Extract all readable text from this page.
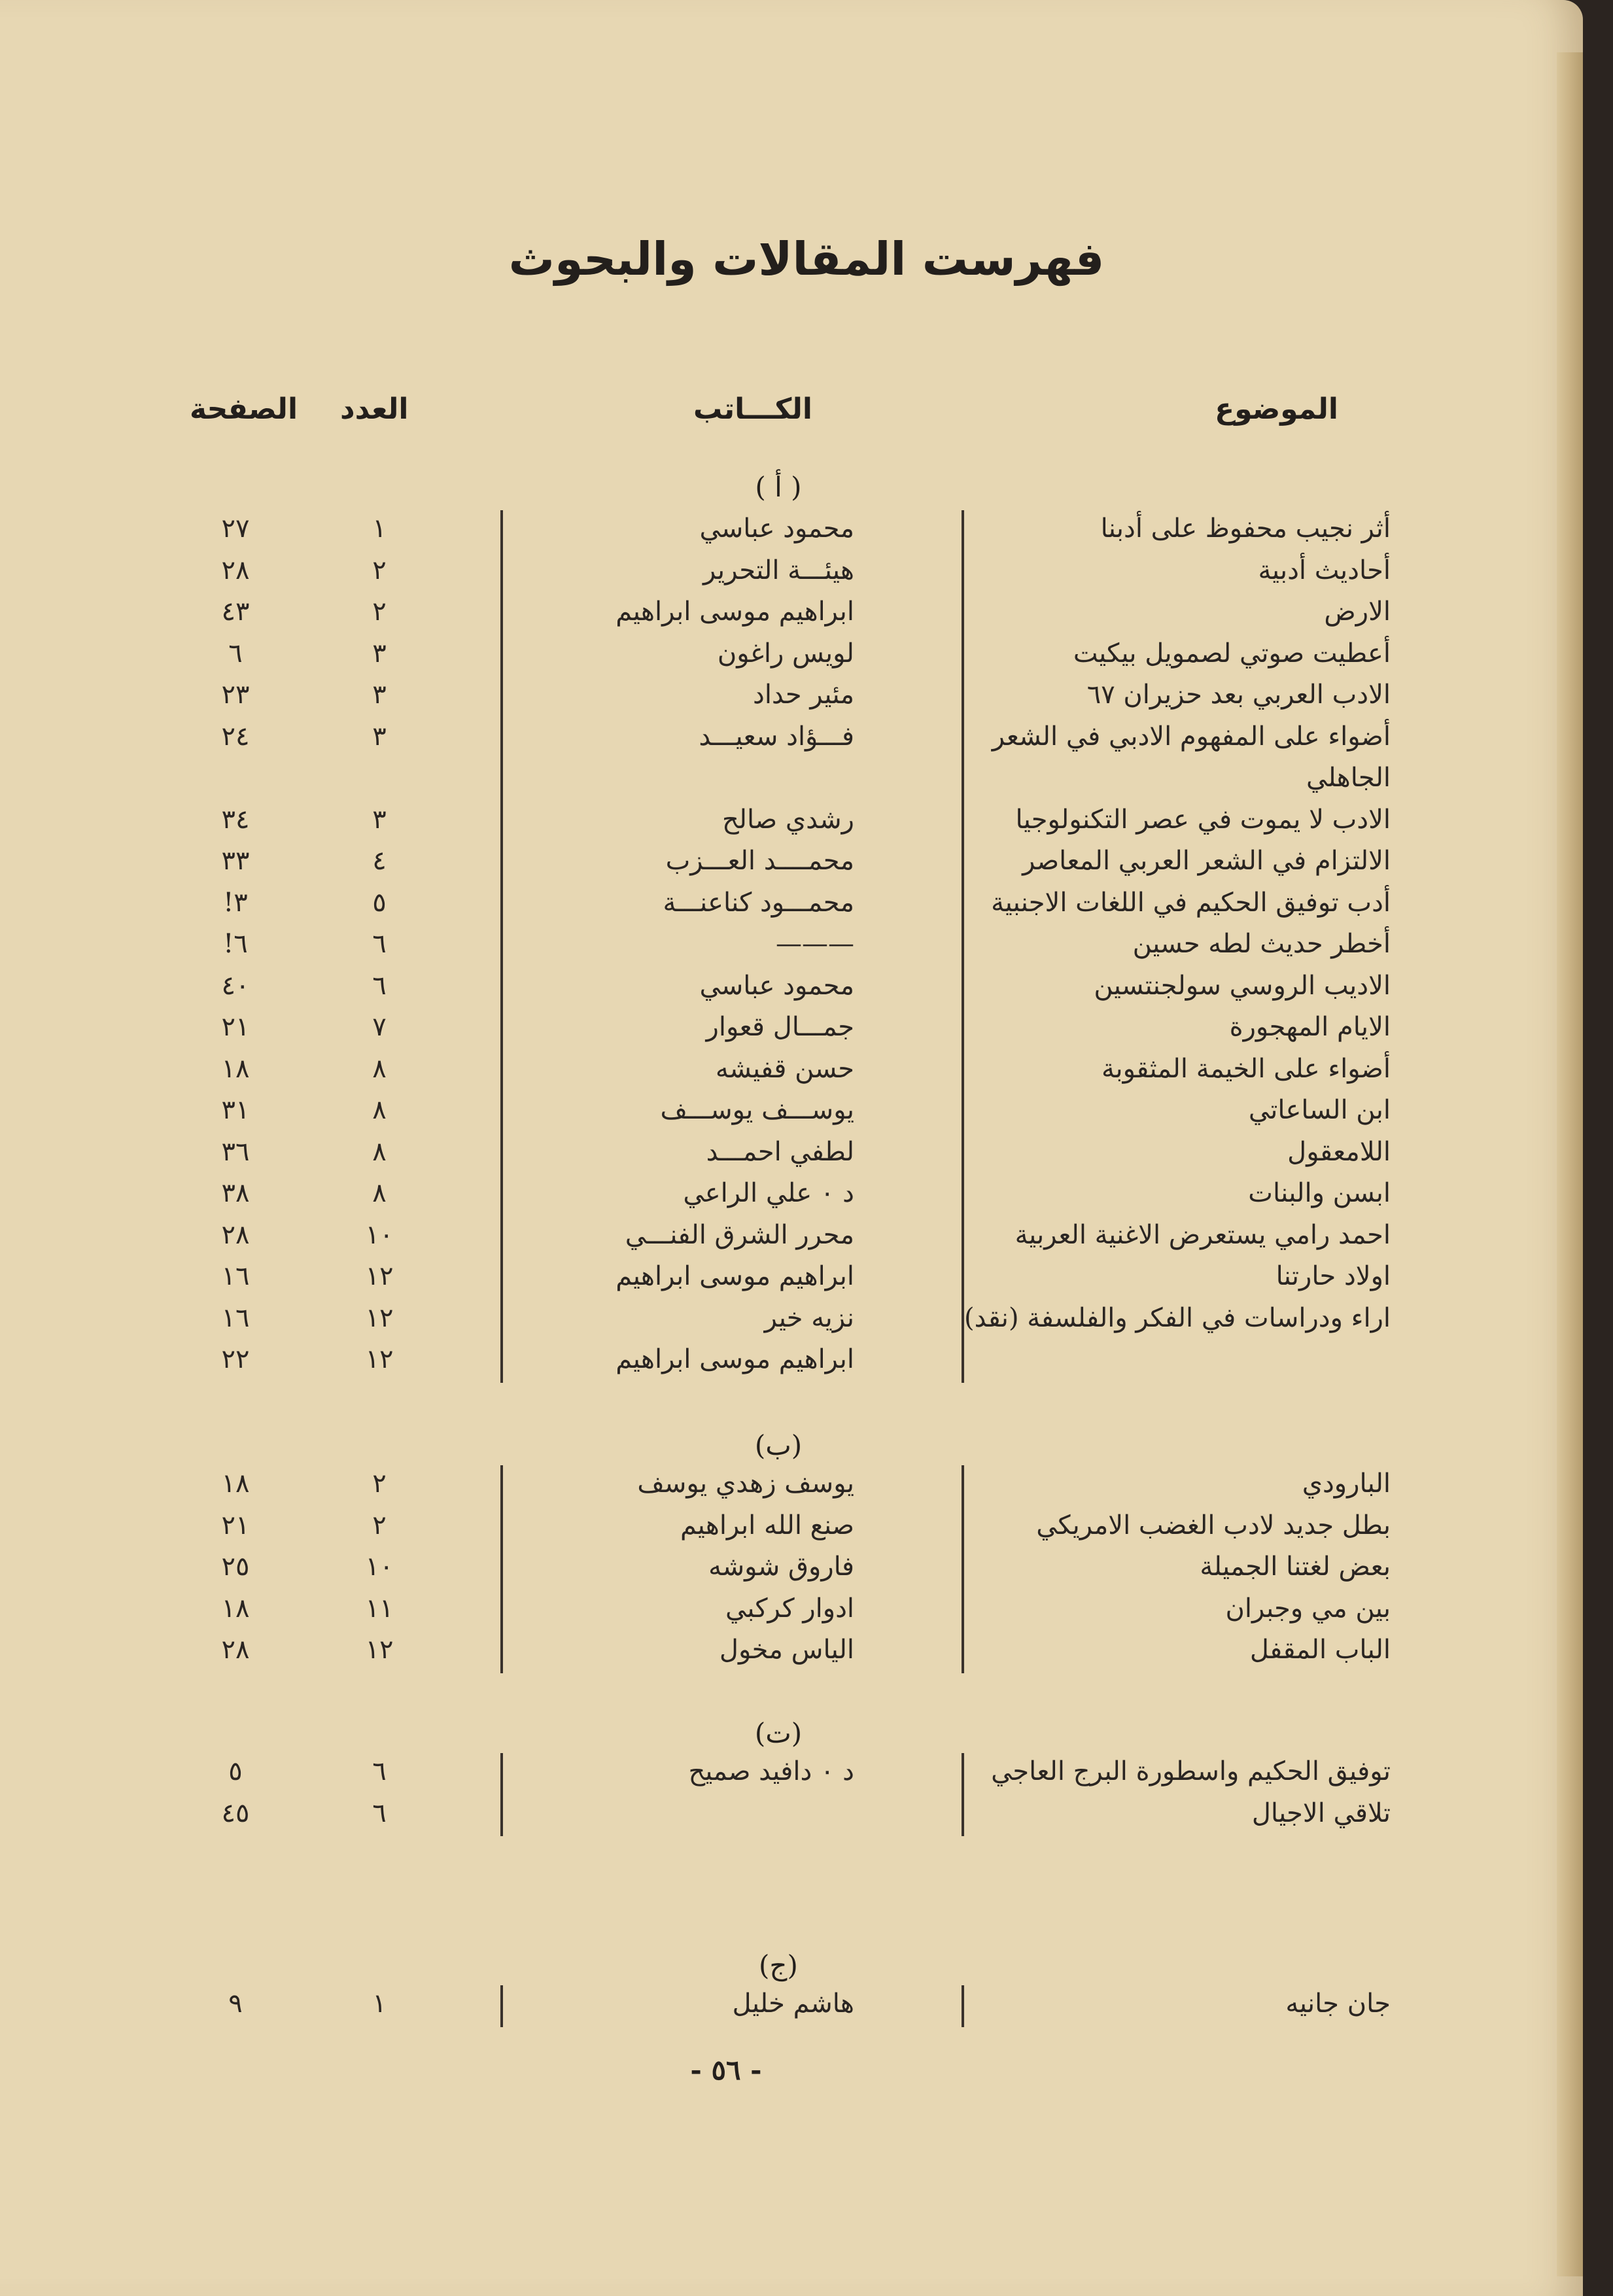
فهرست المقالات والبحوث
الموضوع
الكـــاتب
العدد
الصفحة
( أ )
أثر نجيب محفوظ على أدبنا
محمود عباسي
١
٢٧
أحاديث أدبية
هيئـــة التحرير
٢
٢٨
الارض
ابراهيم موسى ابراهيم
٢
٤٣
أعطيت صوتي لصمويل بيكيت
لويس راغون
٣
٦
الادب العربي بعد حزيران ٦٧
مئير حداد
٣
٢٣
أضواء على المفهوم الادبي في الشعر
فـــؤاد سعيـــد
٣
٢٤
الجاهلي
الادب لا يموت في عصر التكنولوجيا
رشدي صالح
٣
٣٤
الالتزام في الشعر العربي المعاصر
محمــــد العـــزب
٤
٣٣
أدب توفيق الحكيم في اللغات الاجنبية
محمـــود كناعنـــة
٥
!٣
أخطر حديث لطه حسين
———
٦
!٦
الاديب الروسي سولجنتسين
محمود عباسي
٦
٤٠
الايام المهجورة
جمـــال قعوار
٧
٢١
أضواء على الخيمة المثقوبة
حسن قفيشه
٨
١٨
ابن الساعاتي
يوســـف يوســـف
٨
٣١
اللامعقول
لطفي احمـــد
٨
٣٦
ابسن والبنات
د ٠ علي الراعي
٨
٣٨
احمد رامي يستعرض الاغنية العربية
محرر الشرق الفنـــي
١٠
٢٨
اولاد حارتنا
ابراهيم موسى ابراهيم
١٢
١٦
اراء ودراسات في الفكر والفلسفة (نقد)
نزيه خير
١٢
١٦
ابراهيم موسى ابراهيم
١٢
٢٢
(ب)
البارودي
يوسف زهدي يوسف
٢
١٨
بطل جديد لادب الغضب الامريكي
صنع الله ابراهيم
٢
٢١
بعض لغتنا الجميلة
فاروق شوشه
١٠
٢٥
بين مي وجبران
ادوار كركبي
١١
١٨
الباب المقفل
الياس مخول
١٢
٢٨
(ت)
توفيق الحكيم واسطورة البرج العاجي
د ٠ دافيد صميح
٦
٥
تلاقي الاجيال
٦
٤٥
(ج)
جان جانيه
هاشم خليل
١
٩
- ٥٦ -
